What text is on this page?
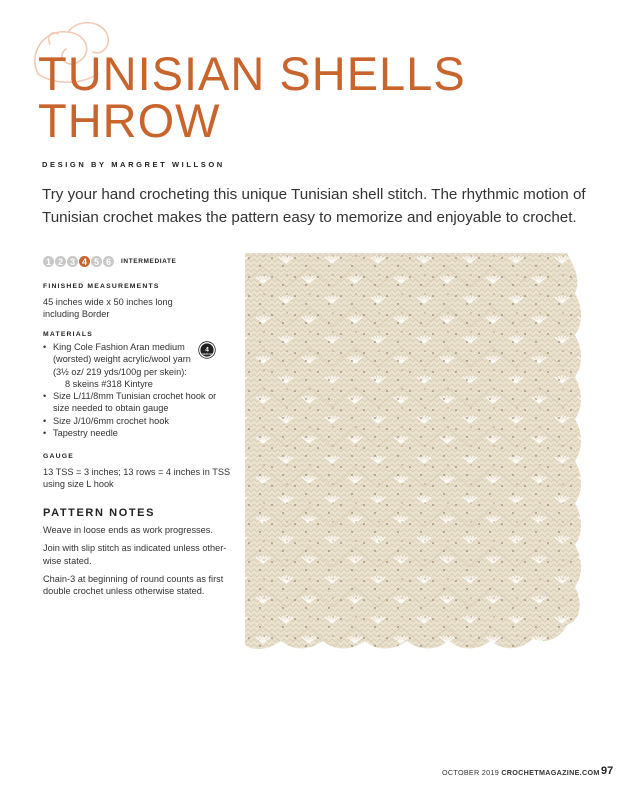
TUNISIAN SHELLS
THROW
DESIGN BY MARGRET WILLSON
Try your hand crocheting this unique Tunisian shell stitch. The rhythmic motion of Tunisian crochet makes the pattern easy to memorize and enjoyable to crochet.
1 2 3 4 5 6	INTERMEDIATE
FINISHED MEASUREMENTS
45 inches wide x 50 inches long
including Border
MATERIALS
• King Cole Fashion Aran medium
(worsted) weight acrylic/wool yarn
(3½ oz/ 219 yds/100g per skein):
8 skeins #318 Kintyre
• Size L/11/8mm Tunisian crochet hook or
size needed to obtain gauge
• Size J/10/6mm crochet hook
• Tapestry needle
4
MEDIUM
GAUGE
13 TSS = 3 inches; 13 rows = 4 inches in TSS
using size L hook
PATTERN NOTES

Weave in loose ends as work progresses.

Join with slip stitch as indicated unless other-
wise stated.

Chain-3 at beginning of round counts as first
double crochet unless otherwise stated.

OCTOBER 2019 CROCHETMAGAZINE.COM 97
